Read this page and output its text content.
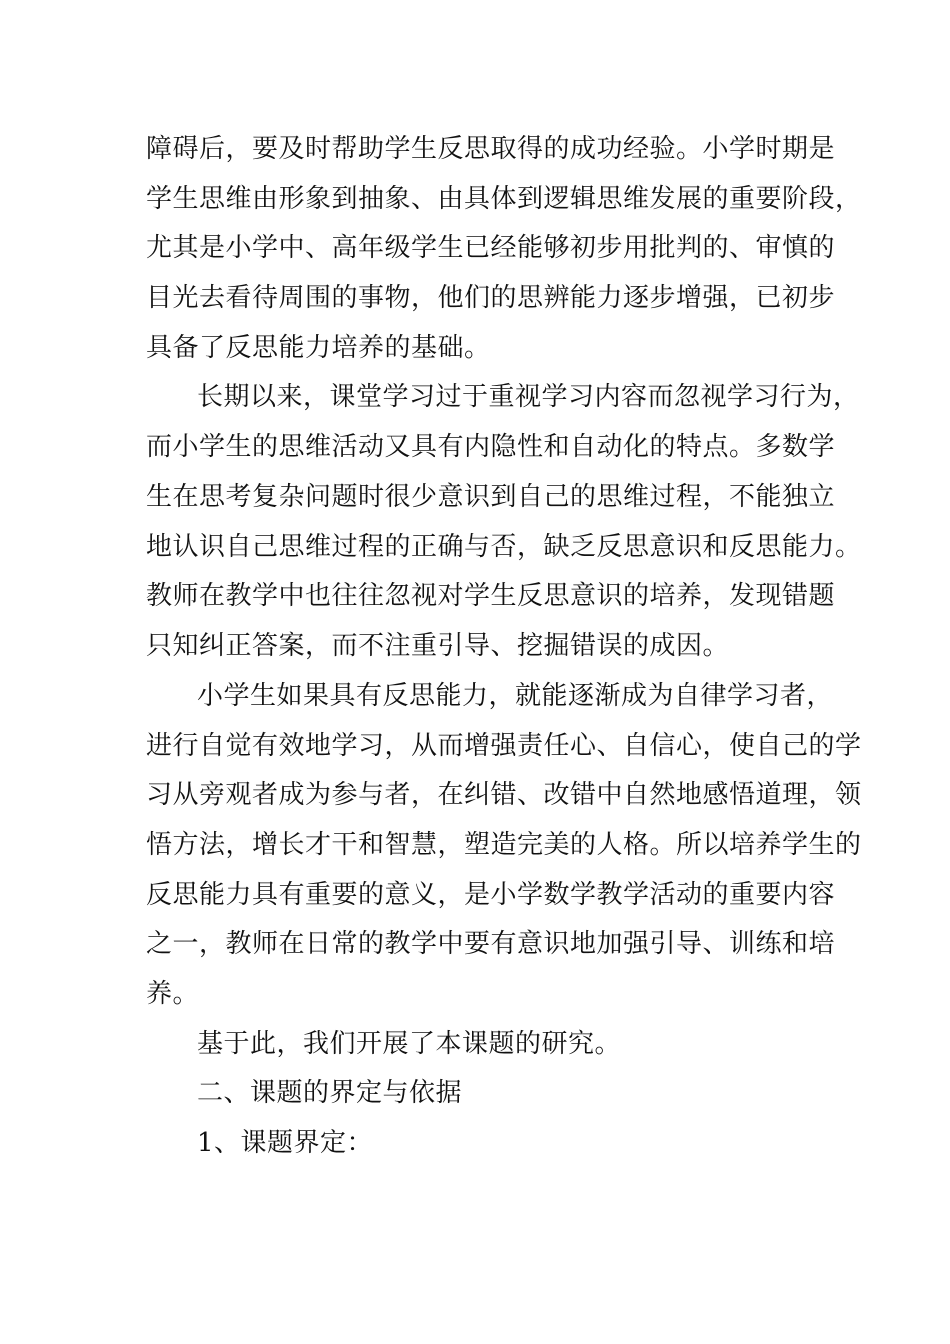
障碍后，要及时帮助学生反思取得的成功经验。小学时期是

学生思维由形象到抽象、由具体到逻辑思维发展的重要阶段，

尤其是小学中、高年级学生已经能够初步用批判的、审慎的

目光去看待周围的事物，他们的思辨能力逐步增强，已初步

具备了反思能力培养的基础。

长期以来，课堂学习过于重视学习内容而忽视学习行为，

而小学生的思维活动又具有内隐性和自动化的特点。多数学

生在思考复杂问题时很少意识到自己的思维过程，不能独立

地认识自己思维过程的正确与否，缺乏反思意识和反思能力。

教师在教学中也往往忽视对学生反思意识的培养，发现错题

只知纠正答案，而不注重引导、挖掘错误的成因。

小学生如果具有反思能力，就能逐渐成为自律学习者，

进行自觉有效地学习，从而增强责任心、自信心，使自己的学

习从旁观者成为参与者，在纠错、改错中自然地感悟道理，领

悟方法，增长才干和智慧，塑造完美的人格。所以培养学生的

反思能力具有重要的意义，是小学数学教学活动的重要内容

之一，教师在日常的教学中要有意识地加强引导、训练和培

养。

基于此，我们开展了本课题的研究。

二、课题的界定与依据

1、课题界定：
